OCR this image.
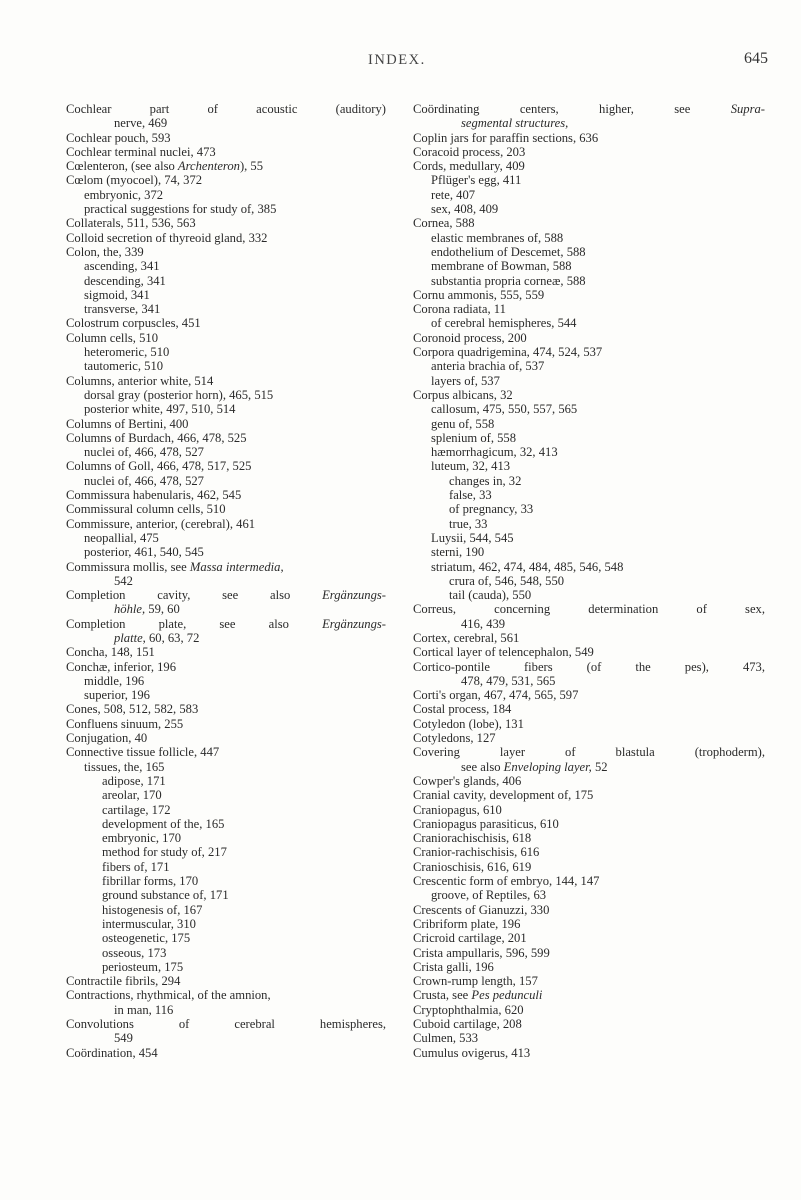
INDEX.	645
Cochlear part of acoustic (auditory)
nerve, 469
Cochlear pouch, 593
Cochlear terminal nuclei, 473
Cœlenteron, (see also Archenteron), 55
Cœlom (myocoel), 74, 372
embryonic, 372
practical suggestions for study of, 385
Collaterals, 511, 536, 563
Colloid secretion of thyreoid gland, 332
Colon, the, 339
ascending, 341
descending, 341
sigmoid, 341
transverse, 341
Colostrum corpuscles, 451
Column cells, 510
heteromeric, 510
tautomeric, 510
Columns, anterior white, 514
dorsal gray (posterior horn), 465, 515
posterior white, 497, 510, 514
Columns of Bertini, 400
Columns of Burdach, 466, 478, 525
nuclei of, 466, 478, 527
Columns of Goll, 466, 478, 517, 525
nuclei of, 466, 478, 527
Commissura habenularis, 462, 545
Commissural column cells, 510
Commissure, anterior, (cerebral), 461
neopallial, 475
posterior, 461, 540, 545
Commissura mollis, see Massa intermedia,
542
Completion cavity, see also Ergänzungs-
höhle, 59, 60
Completion plate, see also Ergänzungs-
platte, 60, 63, 72
Concha, 148, 151
Conchæ, inferior, 196
middle, 196
superior, 196
Cones, 508, 512, 582, 583
Confluens sinuum, 255
Conjugation, 40
Connective tissue follicle, 447
tissues, the, 165
adipose, 171
areolar, 170
cartilage, 172
development of the, 165
embryonic, 170
method for study of, 217
fibers of, 171
fibrillar forms, 170
ground substance of, 171
histogenesis of, 167
intermuscular, 310
osteogenetic, 175
osseous, 173
periosteum, 175
Contractile fibrils, 294
Contractions, rhythmical, of the amnion,
in man, 116
Convolutions of cerebral hemispheres,
549
Coördination, 454
Coördinating centers, higher, see Supra-
segmental structures,
Coplin jars for paraffin sections, 636
Coracoid process, 203
Cords, medullary, 409
Pflüger's egg, 411
rete, 407
sex, 408, 409
Cornea, 588
elastic membranes of, 588
endothelium of Descemet, 588
membrane of Bowman, 588
substantia propria corneæ, 588
Cornu ammonis, 555, 559
Corona radiata, 11
of cerebral hemispheres, 544
Coronoid process, 200
Corpora quadrigemina, 474, 524, 537
anteria brachia of, 537
layers of, 537
Corpus albicans, 32
callosum, 475, 550, 557, 565
genu of, 558
splenium of, 558
hæmorrhagicum, 32, 413
luteum, 32, 413
changes in, 32
false, 33
of pregnancy, 33
true, 33
Luysii, 544, 545
sterni, 190
striatum, 462, 474, 484, 485, 546, 548
crura of, 546, 548, 550
tail (cauda), 550
Correus, concerning determination of sex,
416, 439
Cortex, cerebral, 561
Cortical layer of telencephalon, 549
Cortico-pontile fibers (of the pes), 473,
478, 479, 531, 565
Corti's organ, 467, 474, 565, 597
Costal process, 184
Cotyledon (lobe), 131
Cotyledons, 127
Covering layer of blastula (trophoderm),
see also Enveloping layer, 52
Cowper's glands, 406
Cranial cavity, development of, 175
Craniopagus, 610
Craniopagus parasiticus, 610
Craniorachischisis, 618
Cranior-rachischisis, 616
Cranioschisis, 616, 619
Crescentic form of embryo, 144, 147
groove, of Reptiles, 63
Crescents of Gianuzzi, 330
Cribriform plate, 196
Cricroid cartilage, 201
Crista ampullaris, 596, 599
Crista galli, 196
Crown-rump length, 157
Crusta, see Pes pedunculi
Cryptophthalmia, 620
Cuboid cartilage, 208
Culmen, 533
Cumulus ovigerus, 413
